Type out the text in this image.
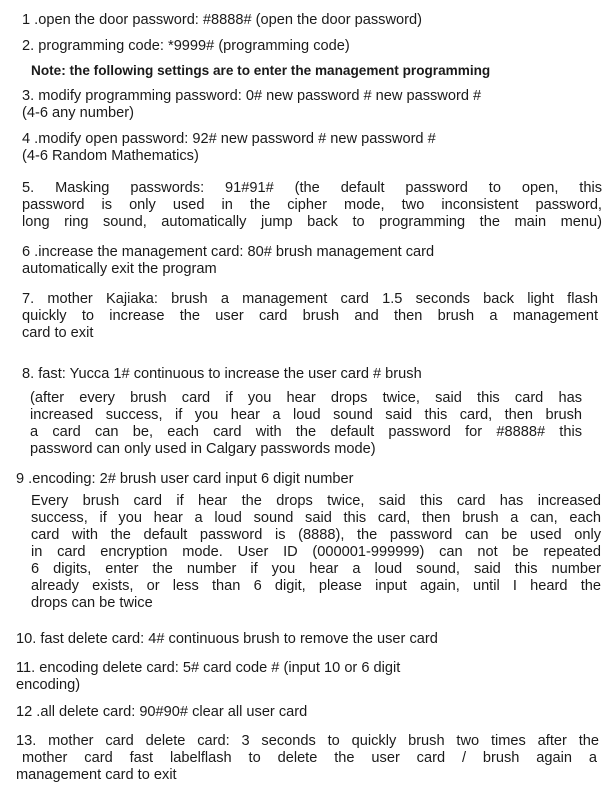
1 .open the door password: #8888# (open the door password)
2. programming code: *9999# (programming code)
Note: the following settings are to enter the management programming
3. modify programming password: 0# new password # new password #
(4-6 any number)
4 .modify open password: 92# new password # new password #
(4-6 Random Mathematics)
5. Masking passwords: 91#91# (the default password to open, this
password is only used in the cipher mode, two inconsistent password,
long ring sound, automatically jump back to programming the main menu)
6 .increase the management card: 80# brush management card
automatically exit the program
7. mother Kajiaka: brush a management card 1.5 seconds back light flash
quickly to increase the user card brush and then brush a management
card to exit
8. fast: Yucca 1# continuous to increase the user card # brush
(after every brush card if you hear drops twice, said this card has
increased success, if you hear a loud sound said this card, then brush
a card can be, each card with the default password for #8888# this
password can only used in Calgary passwords mode)
9 .encoding: 2# brush user card input 6 digit number
Every brush card if hear the drops twice, said this card has increased
success, if you hear a loud sound said this card, then brush a can, each
card with the default password is (8888), the password can be used only
in card encryption mode. User ID (000001-999999) can not be repeated
6 digits, enter the number if you hear a loud sound, said this number
already exists, or less than 6 digit, please input again, until I heard the
drops can be twice
10. fast delete card: 4# continuous brush to remove the user card
11. encoding delete card: 5# card code # (input 10 or 6 digit
encoding)
12 .all delete card: 90#90# clear all user card
13. mother card delete card: 3 seconds to quickly brush two times after the
mother card fast labelflash to delete the user card / brush again a
management card to exit
